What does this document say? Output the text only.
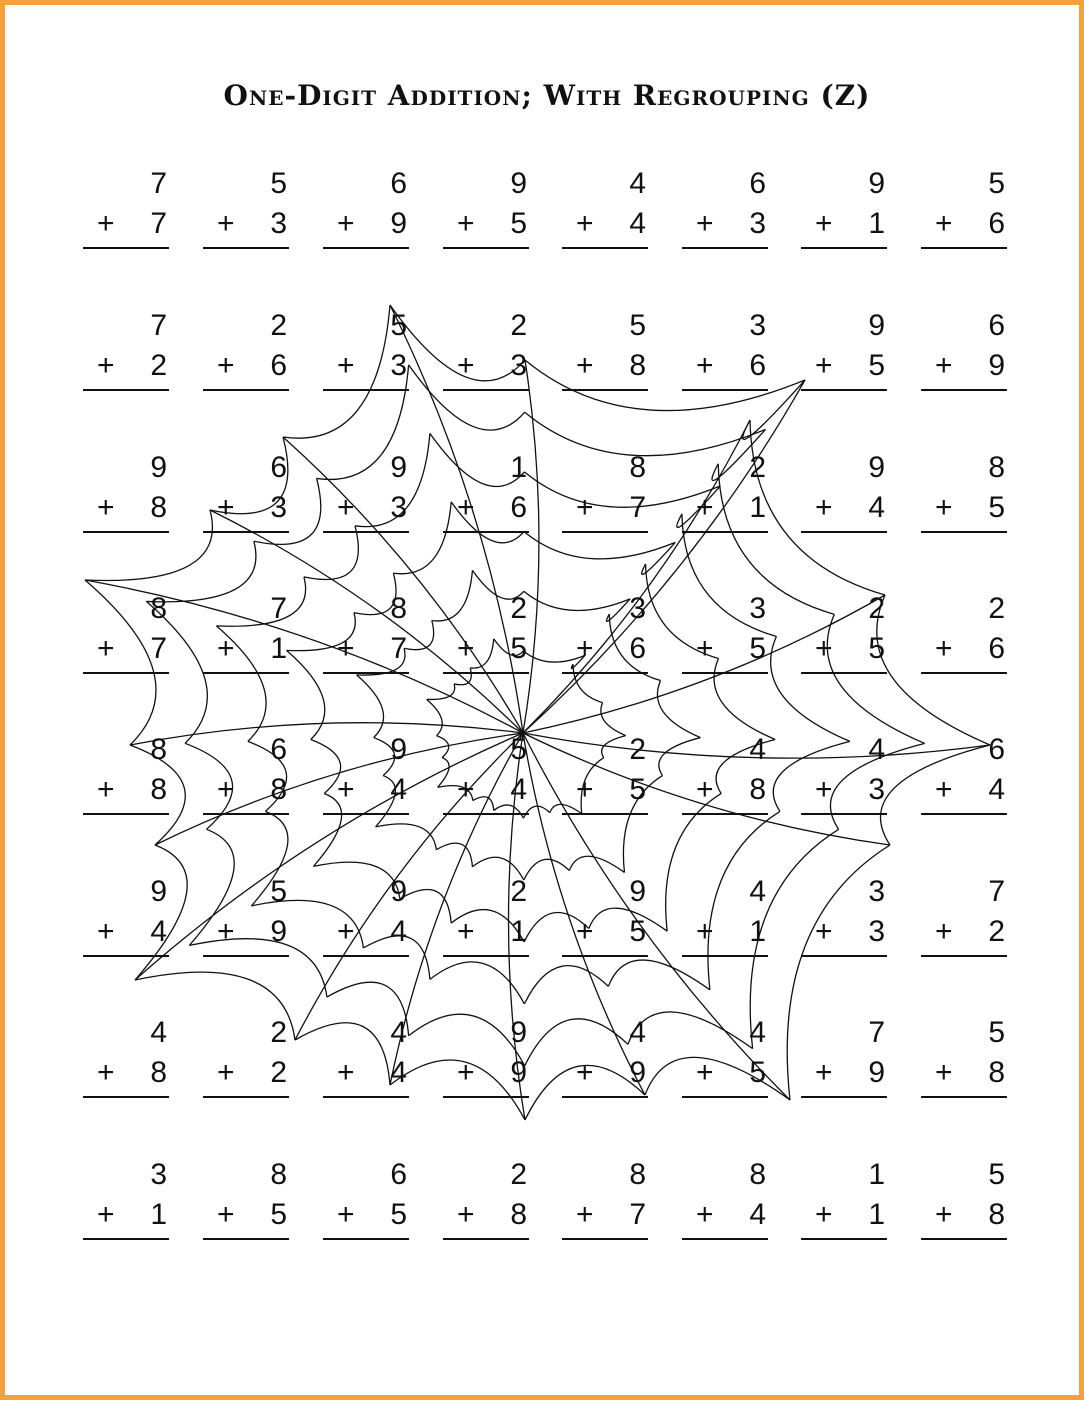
One-Digit Addition; With Regrouping (Z)
7
+ 7
5
+ 3
6
+ 9
9
+ 5
4
+ 4
6
+ 3
9
+ 1
5
+ 6
7
+ 2
2
+ 6
5
+ 3
2
+ 3
5
+ 8
3
+ 6
9
+ 5
6
+ 9
9
+ 8
6
+ 3
9
+ 3
1
+ 6
8
+ 7
2
+ 1
9
+ 4
8
+ 5
8
+ 7
7
+ 1
8
+ 7
2
+ 5
3
+ 6
3
+ 5
2
+ 5
2
+ 6
8
+ 8
6
+ 8
9
+ 4
5
+ 4
2
+ 5
4
+ 8
4
+ 3
6
+ 4
9
+ 4
5
+ 9
9
+ 4
2
+ 1
9
+ 5
4
+ 1
3
+ 3
7
+ 2
4
+ 8
2
+ 2
4
+ 4
9
+ 9
4
+ 9
4
+ 5
7
+ 9
5
+ 8
3
+ 1
8
+ 5
6
+ 5
2
+ 8
8
+ 7
8
+ 4
1
+ 1
5
+ 8
